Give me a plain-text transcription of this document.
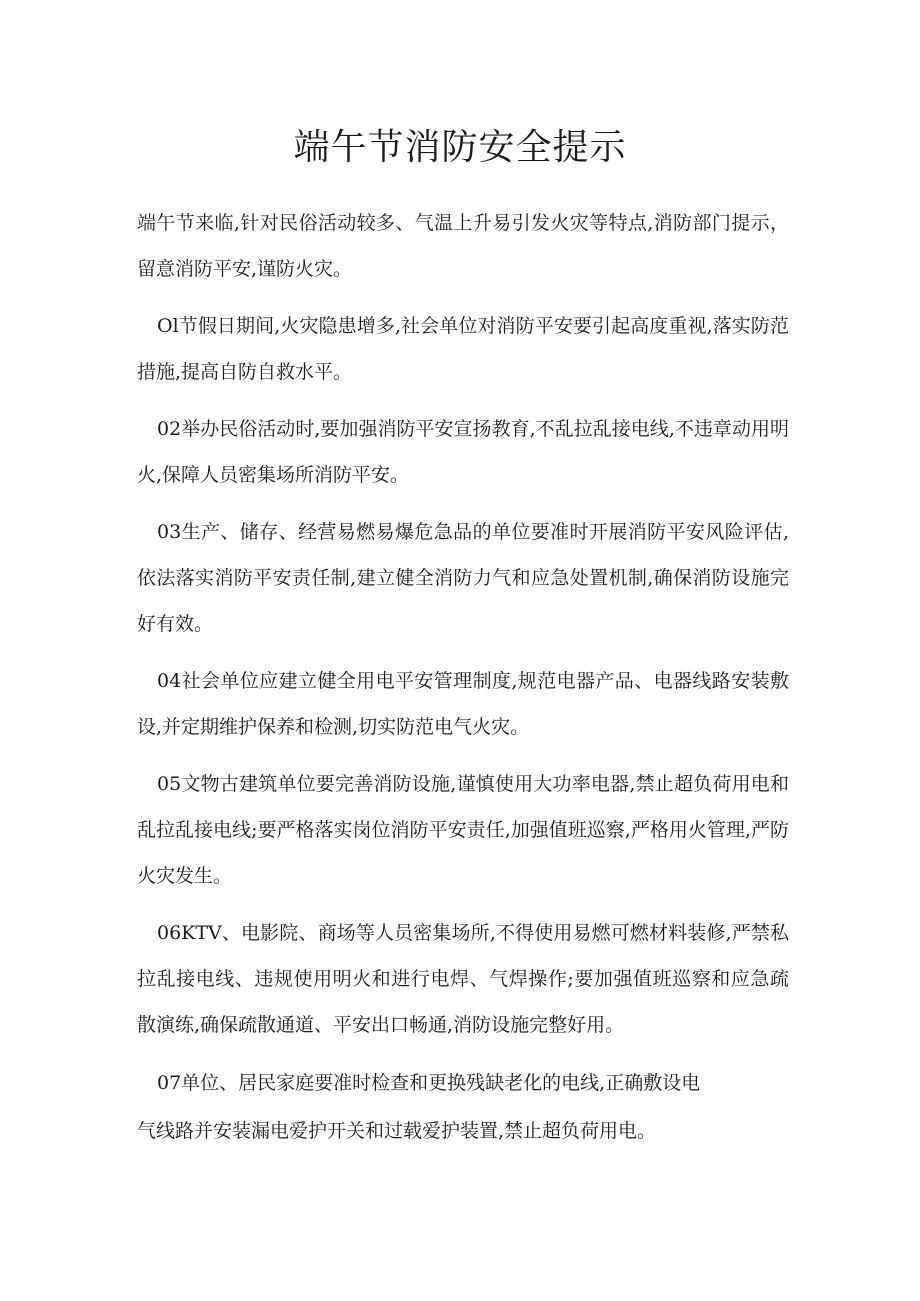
端午节消防安全提示

端午节来临,针对民俗活动较多、气温上升易引发火灾等特点,消防部门提示，留意消防平安,谨防火灾。

Ol节假日期间,火灾隐患增多,社会单位对消防平安要引起高度重视,落实防范措施,提高自防自救水平。

02举办民俗活动时,要加强消防平安宣扬教育,不乱拉乱接电线,不违章动用明火,保障人员密集场所消防平安。

03生产、储存、经营易燃易爆危急品的单位要准时开展消防平安风险评估,依法落实消防平安责任制,建立健全消防力气和应急处置机制,确保消防设施完好有效。

04社会单位应建立健全用电平安管理制度,规范电器产品、电器线路安装敷设,并定期维护保养和检测,切实防范电气火灾。

05文物古建筑单位要完善消防设施,谨慎使用大功率电器,禁止超负荷用电和乱拉乱接电线;要严格落实岗位消防平安责任,加强值班巡察,严格用火管理,严防火灾发生。

06KTV、电影院、商场等人员密集场所,不得使用易燃可燃材料装修,严禁私拉乱接电线、违规使用明火和进行电焊、气焊操作;要加强值班巡察和应急疏散演练,确保疏散通道、平安出口畅通,消防设施完整好用。

07单位、居民家庭要准时检查和更换残缺老化的电线,正确敷设电
气线路并安装漏电爱护开关和过载爱护装置,禁止超负荷用电。
